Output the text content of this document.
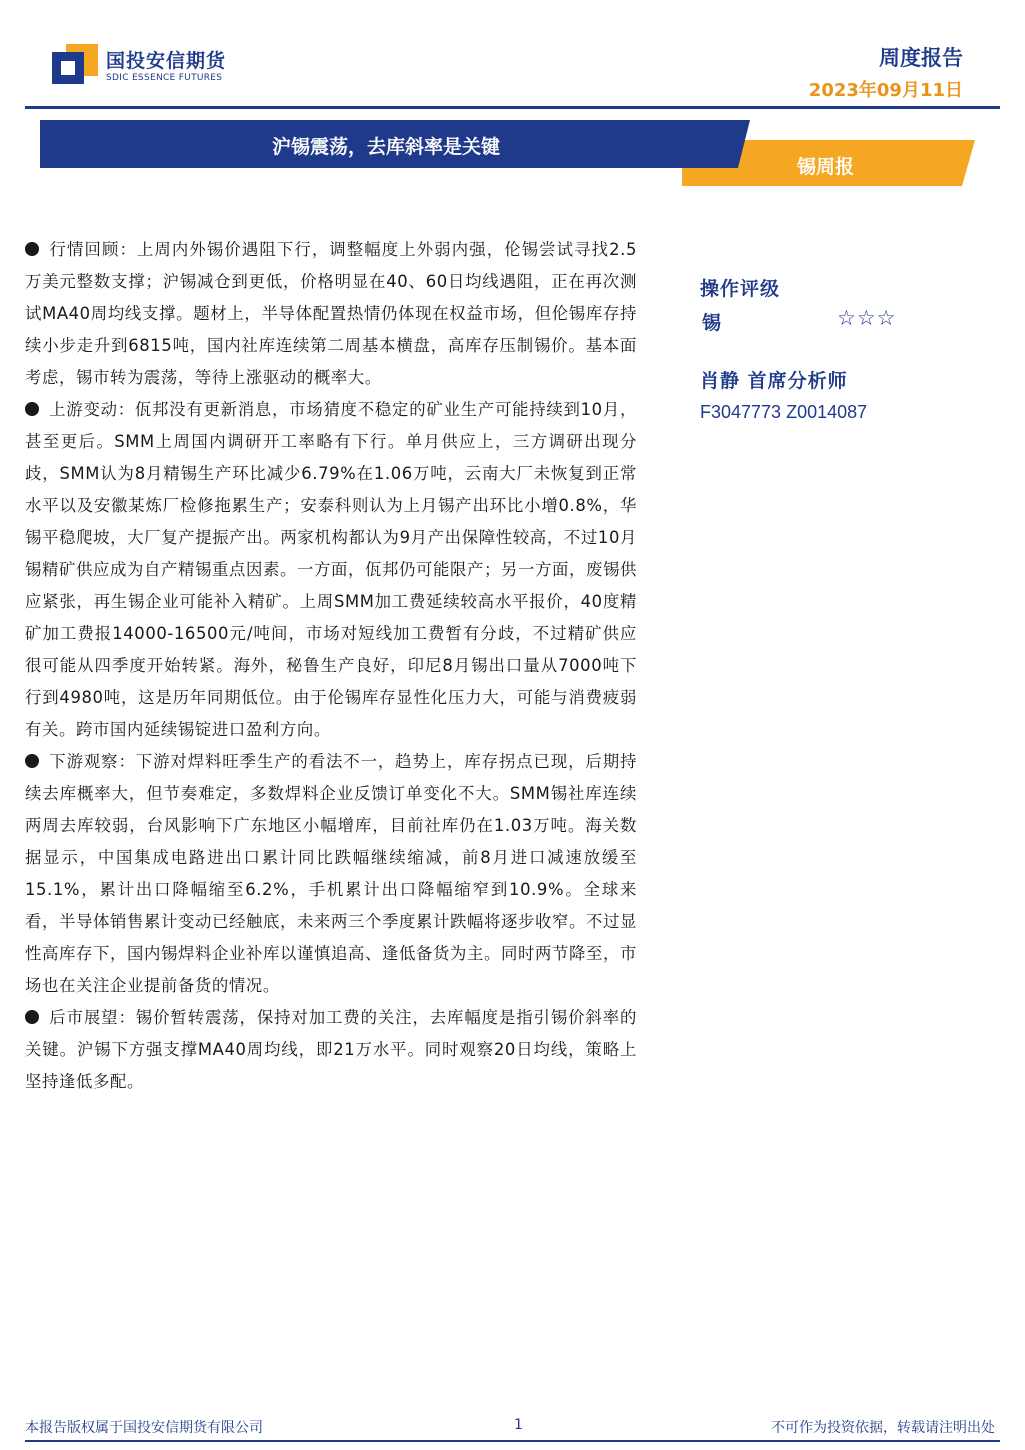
国投安信期货
SDIC ESSENCE FUTURES
周度报告
2023年09月11日
沪锡震荡，去库斜率是关键
锡周报

行情回顾：上周内外锡价遇阻下行，调整幅度上外弱内强，伦锡尝试寻找2.5万美元整数支撑；沪锡减仓到更低，价格明显在40、60日均线遇阻，正在再次测试MA40周均线支撑。题材上，半导体配置热情仍体现在权益市场，但伦锡库存持续小步走升到6815吨，国内社库连续第二周基本横盘，高库存压制锡价。基本面考虑，锡市转为震荡，等待上涨驱动的概率大。

上游变动：佤邦没有更新消息，市场猜度不稳定的矿业生产可能持续到10月，甚至更后。SMM上周国内调研开工率略有下行。单月供应上，三方调研出现分歧，SMM认为8月精锡生产环比减少6.79%在1.06万吨，云南大厂未恢复到正常水平以及安徽某炼厂检修拖累生产；安泰科则认为上月锡产出环比小增0.8%，华锡平稳爬坡，大厂复产提振产出。两家机构都认为9月产出保障性较高，不过10月锡精矿供应成为自产精锡重点因素。一方面，佤邦仍可能限产；另一方面，废锡供应紧张，再生锡企业可能补入精矿。上周SMM加工费延续较高水平报价，40度精矿加工费报14000-16500元/吨间，市场对短线加工费暂有分歧，不过精矿供应很可能从四季度开始转紧。海外，秘鲁生产良好，印尼8月锡出口量从7000吨下行到4980吨，这是历年同期低位。由于伦锡库存显性化压力大，可能与消费疲弱有关。跨市国内延续锡锭进口盈利方向。

下游观察：下游对焊料旺季生产的看法不一，趋势上，库存拐点已现，后期持续去库概率大，但节奏难定，多数焊料企业反馈订单变化不大。SMM锡社库连续两周去库较弱，台风影响下广东地区小幅增库，目前社库仍在1.03万吨。海关数据显示，中国集成电路进出口累计同比跌幅继续缩减，前8月进口减速放缓至15.1%，累计出口降幅缩至6.2%，手机累计出口降幅缩窄到10.9%。全球来看，半导体销售累计变动已经触底，未来两三个季度累计跌幅将逐步收窄。不过显性高库存下，国内锡焊料企业补库以谨慎追高、逢低备货为主。同时两节降至，市场也在关注企业提前备货的情况。

后市展望：锡价暂转震荡，保持对加工费的关注，去库幅度是指引锡价斜率的关键。沪锡下方强支撑MA40周均线，即21万水平。同时观察20日均线，策略上坚持逢低多配。

操作评级
锡	☆☆☆
肖静 首席分析师
F3047773 Z0014087
本报告版权属于国投安信期货有限公司	1	不可作为投资依据，转载请注明出处
